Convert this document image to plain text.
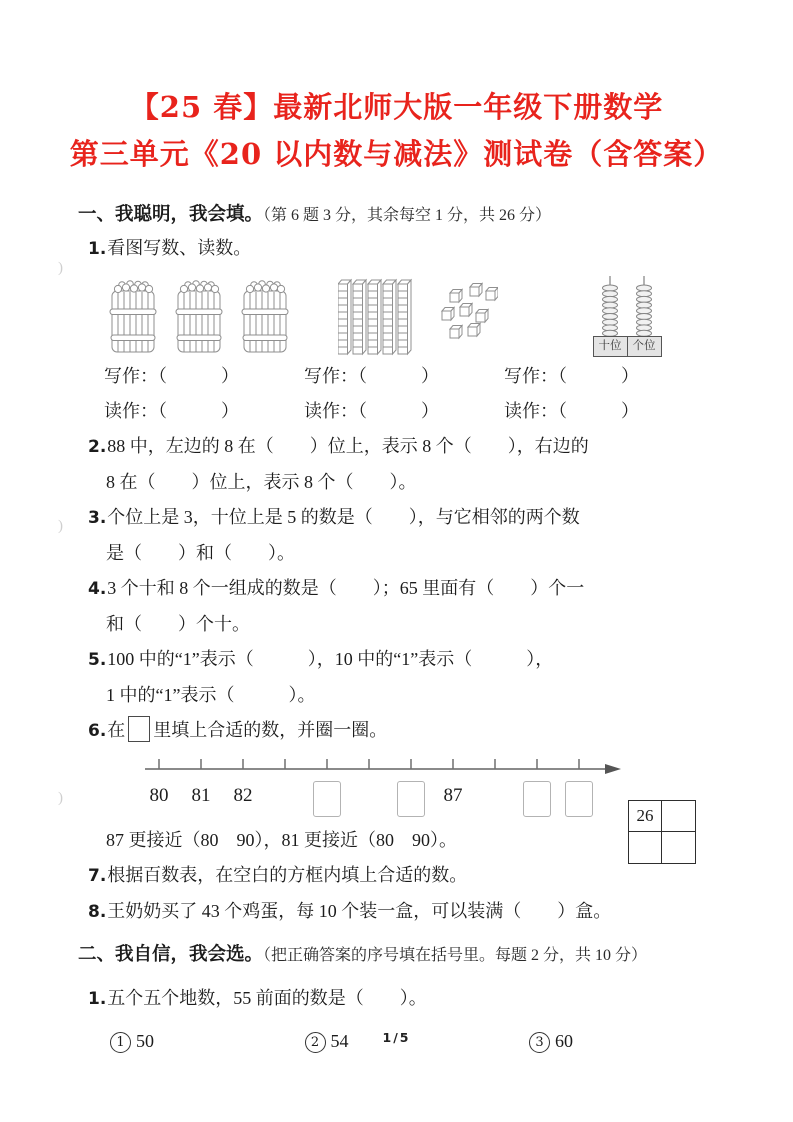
)
)
)
【25 春】最新北师大版一年级下册数学
第三单元《20 以内数与减法》测试卷（含答案）
一、我聪明，我会填。（第 6 题 3 分，其余每空 1 分，共 26 分）
1.看图写数、读数。
十位 个位
写作：（　　　）	写作：（　　　）	写作：（　　　）
读作：（　　　）	读作：（　　　）	读作：（　　　）
2.88 中，左边的 8 在（　　）位上，表示 8 个（　　），右边的
8 在（　　）位上，表示 8 个（　　）。
3.个位上是 3，十位上是 5 的数是（　　），与它相邻的两个数
是（　　）和（　　）。
4.3 个十和 8 个一组成的数是（　　）；65 里面有（　　）个一
和（　　）个十。
5.100 中的“1”表示（　　　），10 中的“1”表示（　　　），
1 中的“1”表示（　　　）。
6.在 里填上合适的数，并圈一圈。
80	81	82	87
87 更接近（80　90），81 更接近（80　90）。
7.根据百数表，在空白的方框内填上合适的数。
26
8.王奶奶买了 43 个鸡蛋，每 10 个装一盒，可以装满（　　）盒。
二、我自信，我会选。（把正确答案的序号填在括号里。每题 2 分，共 10 分）
1.五个五个地数，55 前面的数是（　　）。
1 50	2 54	3 60
1/5
